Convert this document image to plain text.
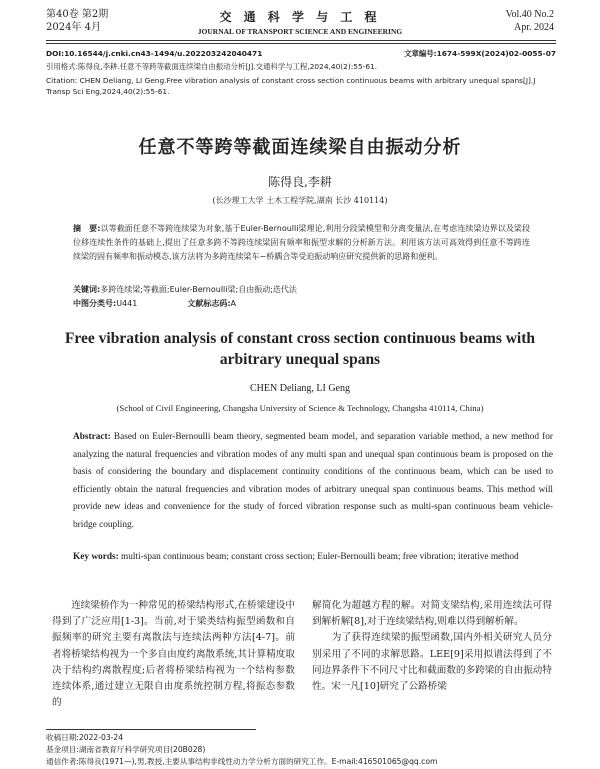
第40卷 第2期
2024年 4月
交 通 科 学 与 工 程
JOURNAL OF TRANSPORT SCIENCE AND ENGINEERING
Vol.40 No.2
Apr. 2024
DOI:10.16544/j.cnki.cn43-1494/u.202203242040471	文章编号:1674-599X(2024)02-0055-07
引用格式:陈得良,李耕.任意不等跨等截面连续梁自由振动分析[J].交通科学与工程,2024,40(2):55-61.
Citation: CHEN Deliang, LI Geng.Free vibration analysis of constant cross section continuous beams with arbitrary unequal spans[J].J Transp Sci Eng,2024,40(2):55-61.
任意不等跨等截面连续梁自由振动分析
陈得良,李耕
(长沙理工大学 土木工程学院,湖南 长沙 410114)
摘　要:以等截面任意不等跨连续梁为对象,基于Euler-Bernoulli梁理论,利用分段梁模型和分离变量法,在考虑连续梁边界以及梁段位移连续性条件的基础上,提出了任意多跨不等跨连续梁固有频率和振型求解的分析新方法。利用该方法可高效得到任意不等跨连续梁的固有频率和振动模态,该方法将为多跨连续梁车−桥耦合等受迫振动响应研究提供新的思路和便利。
关键词:多跨连续梁;等截面;Euler-Bernoulli梁;自由振动;迭代法
中图分类号:U441	文献标志码:A
Free vibration analysis of constant cross section continuous beams with arbitrary unequal spans
CHEN Deliang, LI Geng
(School of Civil Engineering, Changsha University of Science & Technology, Changsha 410114, China)
Abstract: Based on Euler-Bernoulli beam theory, segmented beam model, and separation variable method, a new method for analyzing the natural frequencies and vibration modes of any multi span and unequal span continuous beam is proposed on the basis of considering the boundary and displacement continuity conditions of the continuous beam, which can be used to efficiently obtain the natural frequencies and vibration modes of arbitrary unequal span continuous beams. This method will provide new ideas and convenience for the study of forced vibration response such as multi-span continuous beam vehicle-bridge coupling.
Key words: multi-span continuous beam; constant cross section; Euler-Bernoulli beam; free vibration; iterative method
　　连续梁桥作为一种常见的桥梁结构形式,在桥梁建设中得到了广泛应用[1-3]。当前,对于梁类结构振型函数和自振频率的研究主要有离散法与连续法两种方法[4-7]。前者将桥梁结构视为一个多自由度约离散系统,其计算精度取决于结构约离散程度;后者将桥梁结构视为一个结构参数连续体系,通过建立无限自由度系统控制方程,将振态参数的
解简化为超越方程的解。对简支梁结构,采用连续法可得到解析解[8],对于连续梁结构,则难以得到解析解。
　　为了获得连续梁的振型函数,国内外相关研究人员分别采用了不同的求解思路。LEE[9]采用拟谱法得到了不同边界条件下不同尺寸比和截面数的多跨梁的自由振动特性。宋一凡[10]研究了公路桥梁
收稿日期:2022-03-24
基金项目:湖南省教育厅科学研究项目(20B028)
通信作者:陈得良(1971—),男,教授,主要从事结构非线性动力学分析方面的研究工作。E-mail:416501065@qq.com
